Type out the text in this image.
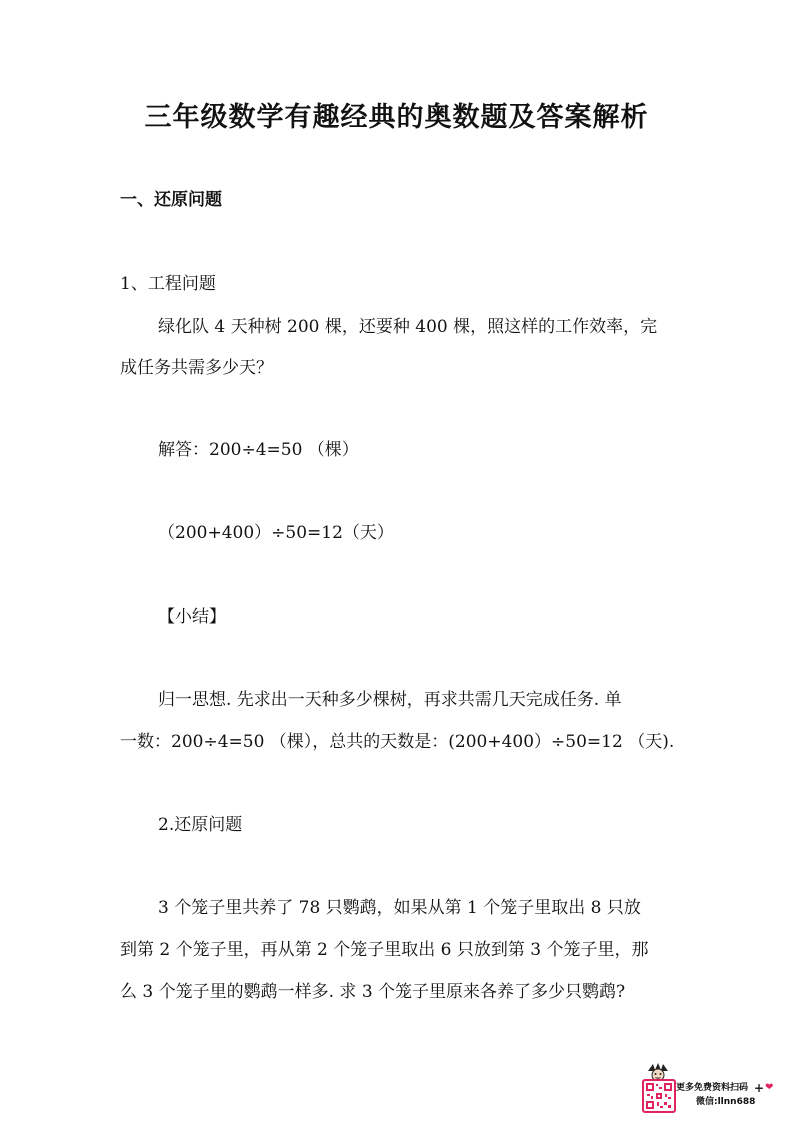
三年级数学有趣经典的奥数题及答案解析
一、还原问题
1、工程问题
绿化队 4 天种树 200 棵，还要种 400 棵，照这样的工作效率，完
成任务共需多少天？
解答：200÷4=50 （棵）
（200+400）÷50=12（天）
【小结】
归一思想. 先求出一天种多少棵树，再求共需几天完成任务. 单
一数：200÷4=50 （棵），总共的天数是：(200+400）÷50=12 （天).
2.还原问题
3 个笼子里共养了 78 只鹦鹉，如果从第 1 个笼子里取出 8 只放
到第 2 个笼子里，再从第 2 个笼子里取出 6 只放到第 3 个笼子里，那
么 3 个笼子里的鹦鹉一样多. 求 3 个笼子里原来各养了多少只鹦鹉?
更多免费资料扫码 + ❤
微信:llnn688
